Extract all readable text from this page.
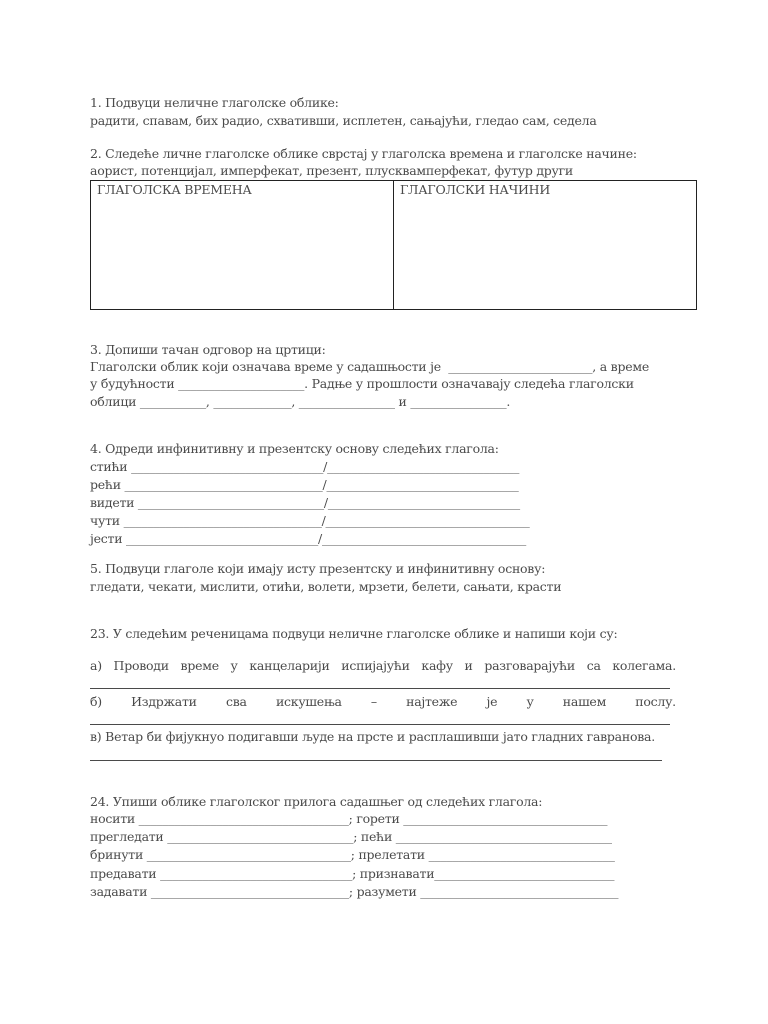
1. Подвуци неличне глаголске облике:

радити, спавам, бих радио, схвативши, исплетен, сањајући, гледао сам, седела

2. Следеће личне глаголске облике сврстај у глаголска времена и глаголске начине:

аорист, потенцијал, имперфекат, презент, плусквамперфекат, футур други

ГЛАГОЛСКА ВРЕМЕНА	ГЛАГОЛСКИ НАЧИНИ

3. Допиши тачан одговор на цртици:

Глаголски облик који означава време у садашњости је  ________________________, а време

у будућности _____________________. Радње у прошлости означавају следећа глаголски

облици ___________, _____________, ________________ и ________________.

4. Одреди инфинитивну и презентску основу следећих глагола:

стићи ________________________________/________________________________

рећи _________________________________/________________________________

видети _______________________________/________________________________

чути _________________________________/__________________________________

јести ________________________________/__________________________________

5. Подвуци глаголе који имају исту презентску и инфинитивну основу:

гледати, чекати, мислити, отићи, волети, мрзети, белети, сањати, красти

23. У следећим реченицама подвуци неличне глаголске облике и напиши који су:

а) Проводи време у канцеларији испијајући кафу и разговарајући са колегама.
б) Издржати сва искушења – најтеже је у нашем послу.

в) Ветар би фијукнуо подигавши људе на прсте и расплашивши јато гладних гавранова.

24. Упиши облике глаголског прилога садашњег од следећих глагола:

носити ___________________________________; горети __________________________________

прегледати _______________________________; пећи ____________________________________

бринути __________________________________; прелетати _______________________________

предавати ________________________________; признавати______________________________

задавати _________________________________; разумети _________________________________
